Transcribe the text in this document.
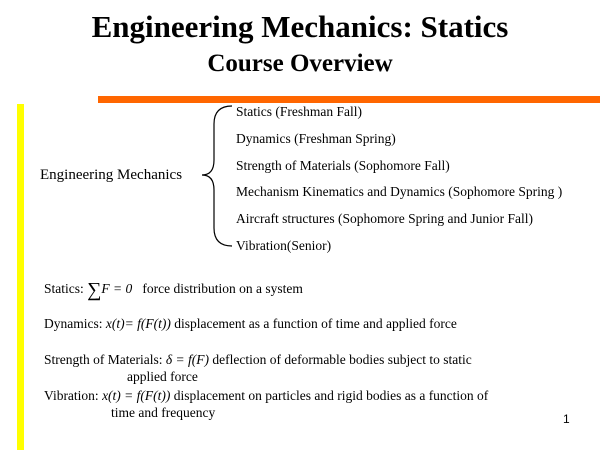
Engineering Mechanics: Statics
Course Overview
Engineering Mechanics
Statics (Freshman Fall)
Dynamics (Freshman Spring)
Strength of Materials (Sophomore Fall)
Mechanism Kinematics and Dynamics (Sophomore Spring )
Aircraft structures (Sophomore Spring and Junior Fall)
Vibration(Senior)
Statics: ∑F = 0 force distribution on a system
Dynamics: x(t)= f(F(t)) displacement as a function of time and applied force
Strength of Materials: δ = f(F) deflection of deformable bodies subject to static
applied force
Vibration: x(t) = f(F(t)) displacement on particles and rigid bodies as a function of
time and frequency	1
